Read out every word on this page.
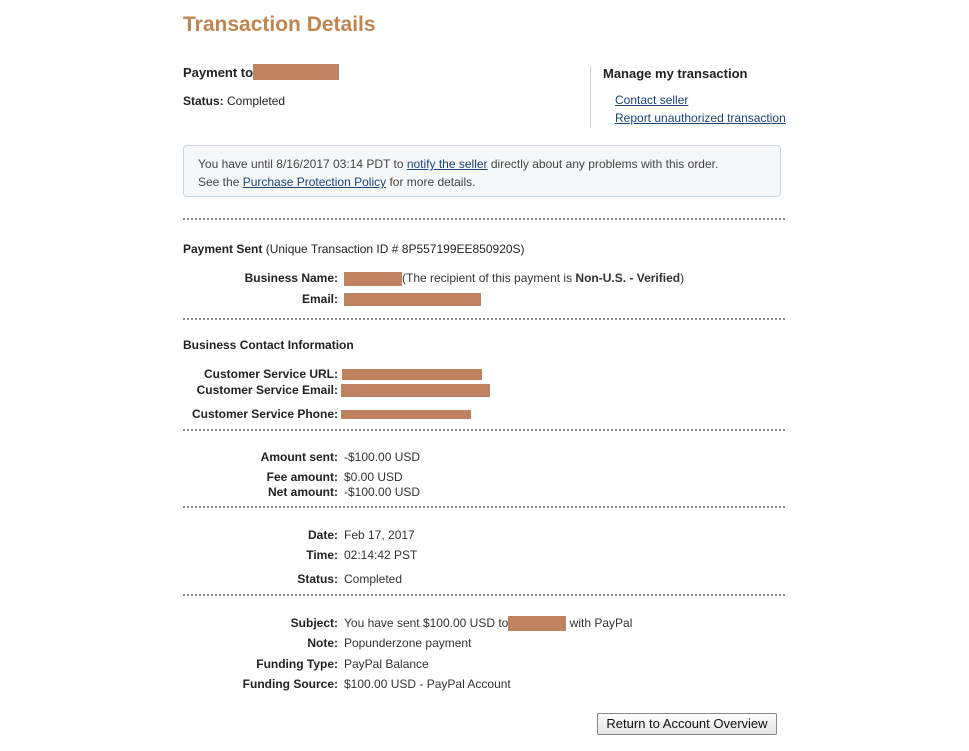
Transaction Details
Payment to
Status: Completed
Manage my transaction
Contact seller
Report unauthorized transaction
You have until 8/16/2017 03:14 PDT to notify the seller directly about any problems with this order.
See the Purchase Protection Policy for more details.
Payment Sent (Unique Transaction ID # 8P557199EE850920S)
Business Name:	(The recipient of this payment is Non-U.S. - Verified)
Email:
Business Contact Information
Customer Service URL:
Customer Service Email:
Customer Service Phone:
Amount sent: -$100.00 USD
Fee amount: $0.00 USD
Net amount: -$100.00 USD
Date: Feb 17, 2017
Time: 02:14:42 PST
Status: Completed
Subject: You have sent $100.00 USD to	with PayPal
Note: Popunderzone payment
Funding Type: PayPal Balance
Funding Source: $100.00 USD - PayPal Account
Return to Account Overview
